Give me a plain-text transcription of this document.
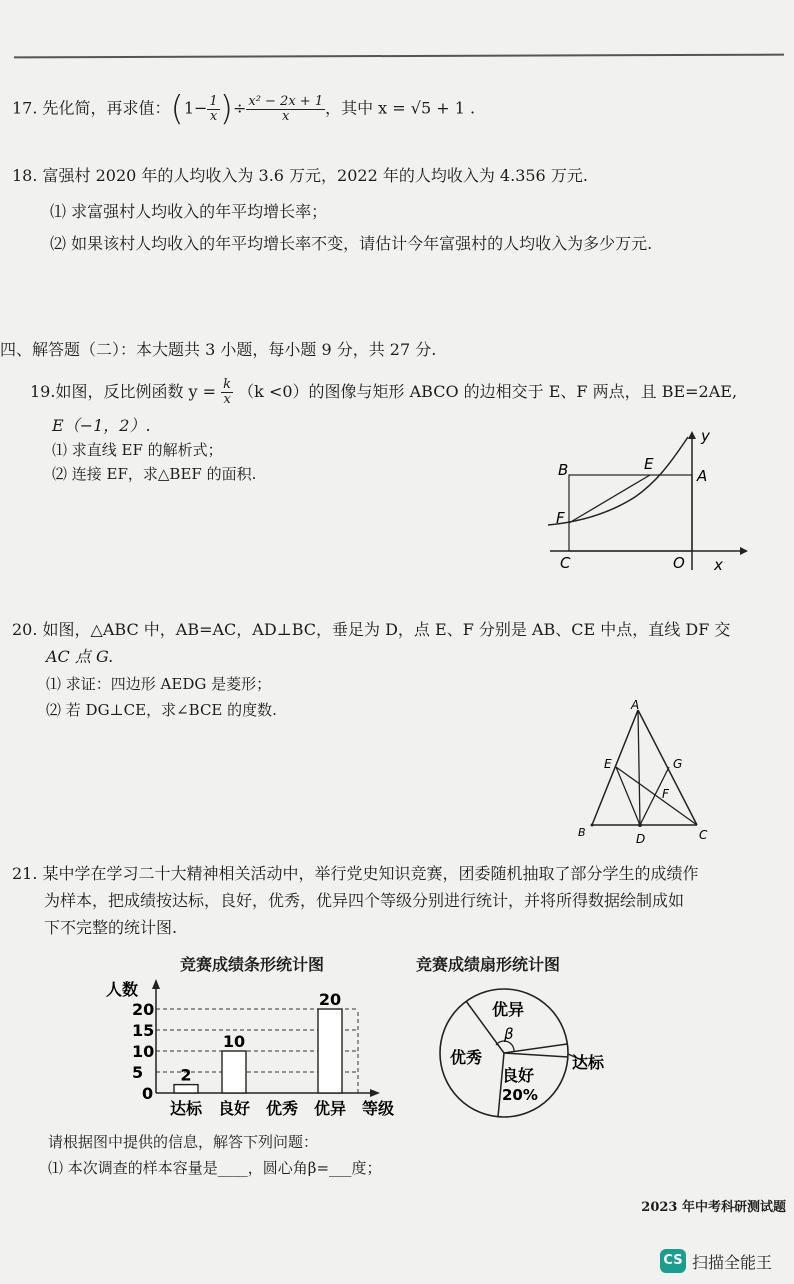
17. 先化简，再求值：($1- \frac{1}{x}$ )÷ $\frac{\text{x² − 2x + 1}}{x}$ ，其中 x = √5 + 1 .
18. 富强村 2020 年的人均收入为 3.6 万元，2022 年的人均收入为 4.356 万元.
⑴ 求富强村人均收入的年平均增长率；
⑵ 如果该村人均收入的年平均增长率不变，请估计今年富强村的人均收入为多少万元.
四、解答题（二）：本大题共 3 小题，每小题 9 分，共 27 分.
19.如图，反比例函数 $y = \frac{k}{x} (k <0)$的图像与矩形 ABCO 的边相交于 E、F 两点，且 BE=2AE,
E（−1，2）.
⑴ 求直线 EF 的解析式；
⑵ 连接 EF，求△BEF 的面积.	B	E
A
y
F
C	O x
20. 如图，△ABC 中，AB=AC，AD⊥BC，垂足为 D，点 E、F 分别是 AB、CE 中点，直线 DF 交
AC 点 G.
⑴ 求证：四边形 AEDG 是菱形；
⑵ 若 DG⊥CE，求∠BCE 的度数.	A
E	G
F
B	D	C
21. 某中学在学习二十大精神相关活动中，举行党史知识竞赛，团委随机抽取了部分学生的成绩作
为样本，把成绩按达标，良好，优秀，优异四个等级分别进行统计，并将所得数据绘制成如
下不完整的统计图.
竞赛成绩条形统计图	竞赛成绩扇形统计图
人数
等级
0
5
10
15
20
2
10
20
达标 良好 优秀 优异
优异
β
达标
良好
20%
优秀
请根据图中提供的信息，解答下列问题：
⑴ 本次调查的样本容量是____，圆心角β=___度；
2023 年中考科研测试题
CS 扫描全能王
